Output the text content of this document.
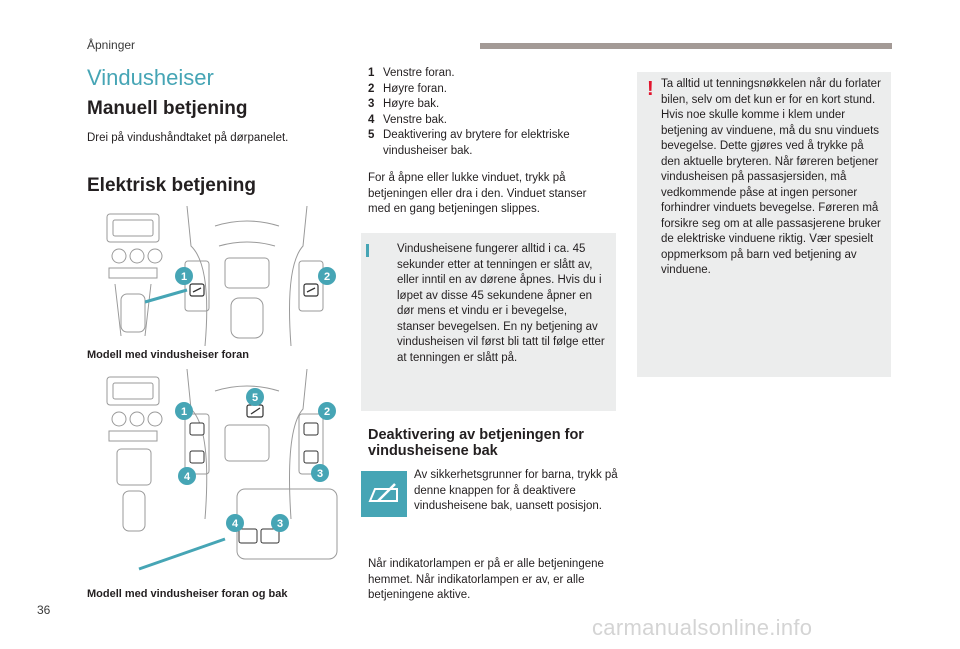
Åpninger
Vindusheiser
Manuell betjening
Drei på vindushåndtaket på dørpanelet.
Elektrisk betjening
1	2
Modell med vindusheiser foran
1
5
2
4	3
4	3
Modell med vindusheiser foran og bak
1 Venstre foran.
2 Høyre foran.
3 Høyre bak.
4 Venstre bak.
5 Deaktivering av brytere for elektriske vindusheiser bak.
For å åpne eller lukke vinduet, trykk på betjeningen eller dra i den. Vinduet stanser med en gang betjeningen slippes.
Vindusheisene fungerer alltid i ca. 45 sekunder etter at tenningen er slått av, eller inntil en av dørene åpnes. Hvis du i løpet av disse 45 sekundene åpner en dør mens et vindu er i bevegelse, stanser bevegelsen. En ny betjening av vindusheisen vil først bli tatt til følge etter at tenningen er slått på.
Deaktivering av betjeningen for vindusheisene bak
Av sikkerhetsgrunner for barna, trykk på denne knappen for å deaktivere vindusheisene bak, uansett posisjon.
Når indikatorlampen er på er alle betjeningene hemmet. Når indikatorlampen er av, er alle betjeningene aktive.
! Ta alltid ut tenningsnøkkelen når du forlater bilen, selv om det kun er for en kort stund. Hvis noe skulle komme i klem under betjening av vinduene, må du snu vinduets bevegelse. Dette gjøres ved å trykke på den aktuelle bryteren. Når føreren betjener vindusheisen på passasjersiden, må vedkommende påse at ingen personer forhindrer vinduets bevegelse. Føreren må forsikre seg om at alle passasjerene bruker de elektriske vinduene riktig. Vær spesielt oppmerksom på barn ved betjening av vinduene.
36
carmanualsonline.info
